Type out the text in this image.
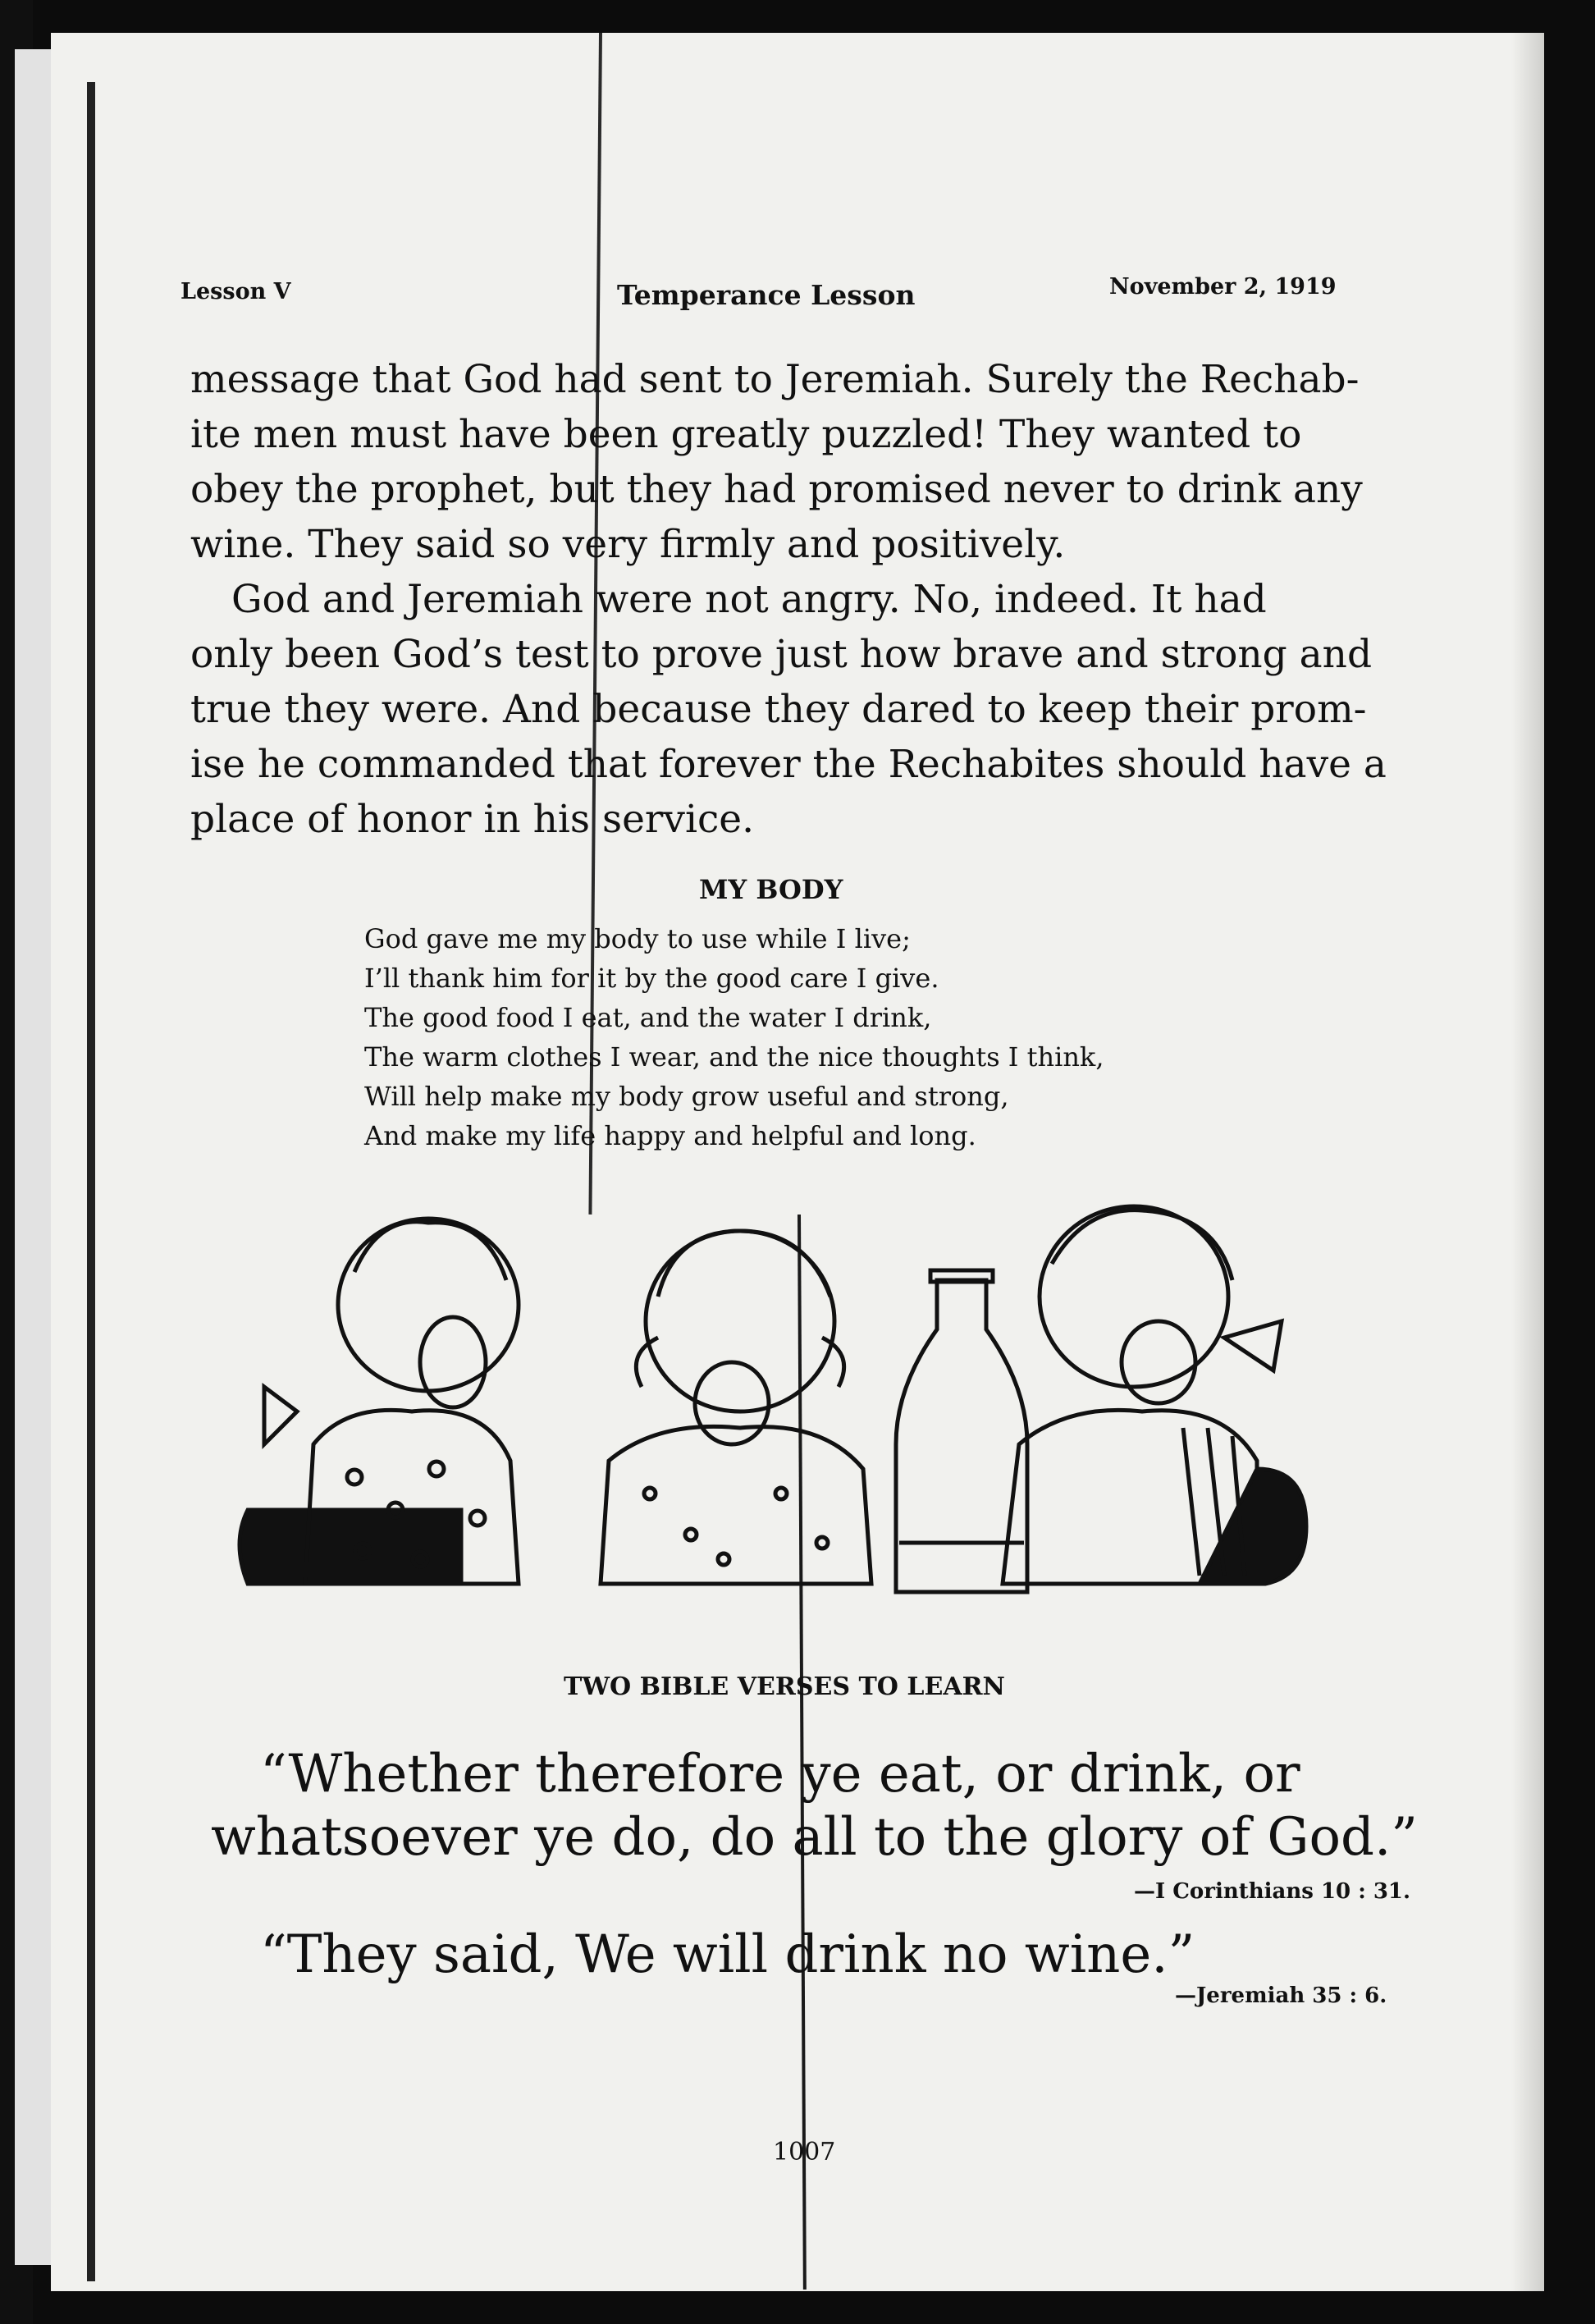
Lesson V	Temperance Lesson	November 2, 1919
message that God had sent to Jeremiah. Surely the Rechab-
ite men must have been greatly puzzled! They wanted to
obey the prophet, but they had promised never to drink any
wine. They said so very firmly and positively.
God and Jeremiah were not angry. No, indeed. It had
only been God’s test to prove just how brave and strong and
true they were. And because they dared to keep their prom-
ise he commanded that forever the Rechabites should have a
place of honor in his service.
MY BODY
God gave me my body to use while I live;
I’ll thank him for it by the good care I give.
The good food I eat, and the water I drink,
The warm clothes I wear, and the nice thoughts I think,
Will help make my body grow useful and strong,
And make my life happy and helpful and long.
TWO BIBLE VERSES TO LEARN
“Whether therefore ye eat, or drink, or
whatsoever ye do, do all to the glory of God.”
—I Corinthians 10 : 31.
“They said, We will drink no wine.”
—Jeremiah 35 : 6.
1007
